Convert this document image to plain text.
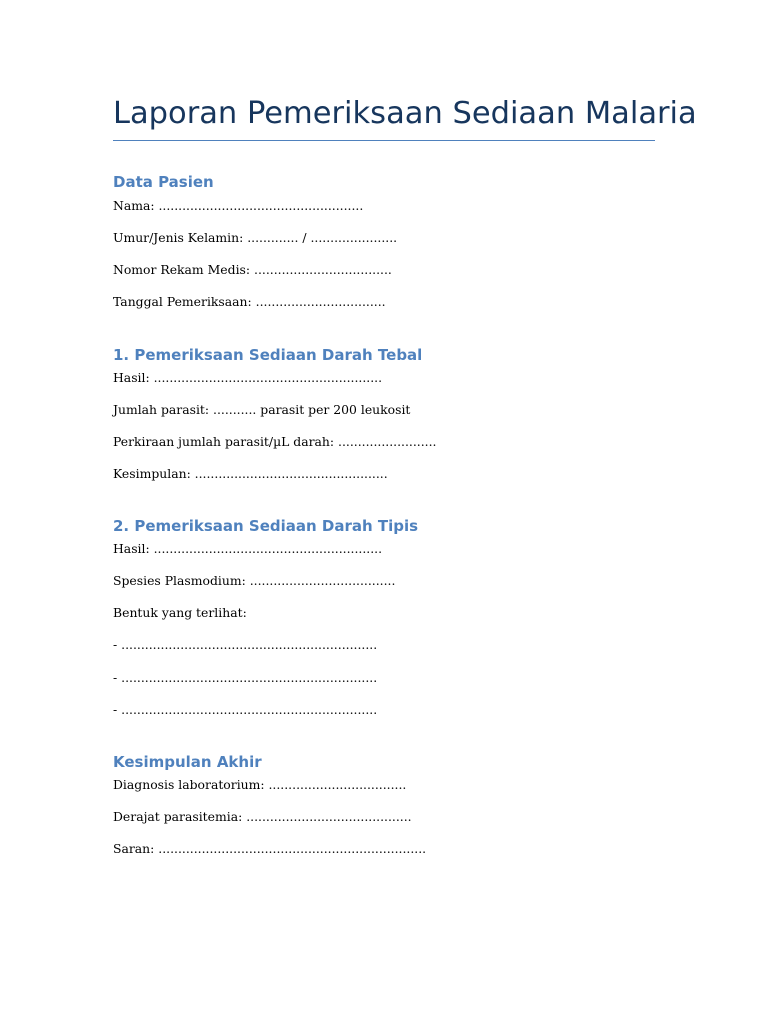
Laporan Pemeriksaan Sediaan Malaria
Data Pasien
Nama: ....................................................
Umur/Jenis Kelamin: ............. / ......................
Nomor Rekam Medis: ...................................
Tanggal Pemeriksaan: .................................
1. Pemeriksaan Sediaan Darah Tebal
Hasil: ..........................................................
Jumlah parasit: ........... parasit per 200 leukosit
Perkiraan jumlah parasit/µL darah: .........................
Kesimpulan: .................................................
2. Pemeriksaan Sediaan Darah Tipis
Hasil: ..........................................................
Spesies Plasmodium: .....................................
Bentuk yang terlihat:
- .................................................................
- .................................................................
- .................................................................
Kesimpulan Akhir
Diagnosis laboratorium: ...................................
Derajat parasitemia: ..........................................
Saran: ....................................................................
